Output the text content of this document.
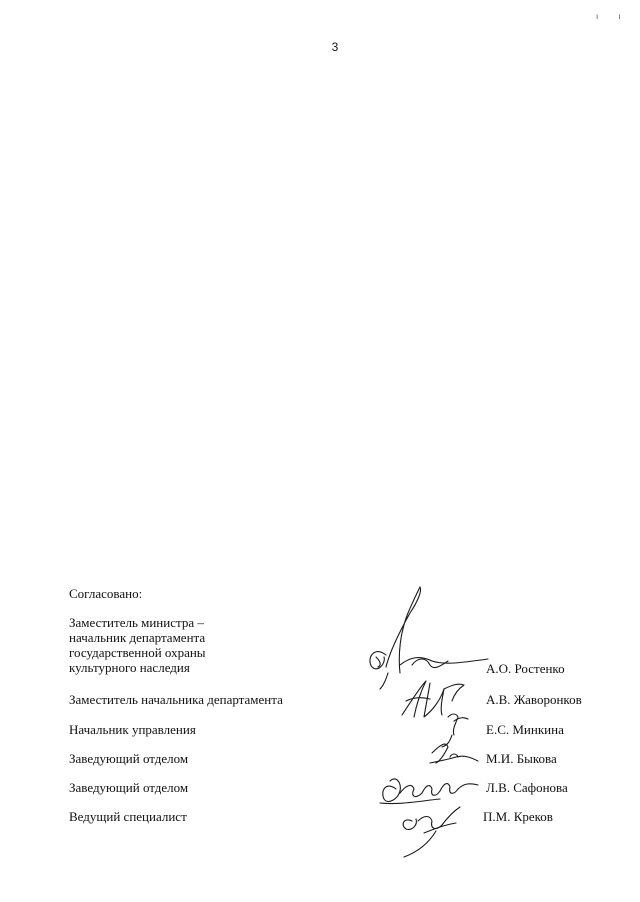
ıı
3
Согласовано:
Заместитель министра –
начальник департамента
государственной охраны
культурного наследия	А.О. Ростенко
Заместитель начальника департамента	А.В. Жаворонков
Начальник управления	Е.С. Минкина
Заведующий отделом	М.И. Быкова
Заведующий отделом	Л.В. Сафонова
Ведущий специалист	П.М. Креков
